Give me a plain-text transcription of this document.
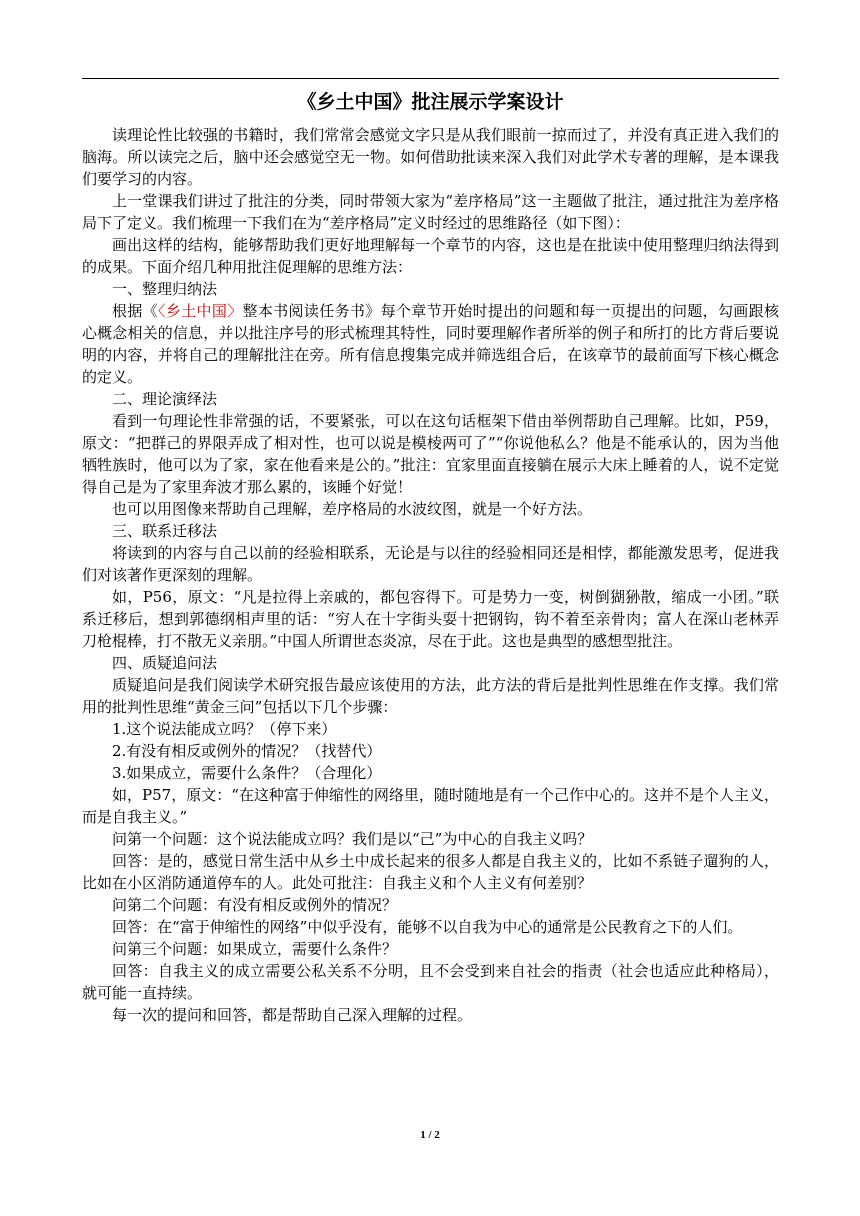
《乡土中国》批注展示学案设计

读理论性比较强的书籍时，我们常常会感觉文字只是从我们眼前一掠而过了，并没有真正进入我们的脑海。所以读完之后，脑中还会感觉空无一物。如何借助批读来深入我们对此学术专著的理解，是本课我们要学习的内容。

上一堂课我们讲过了批注的分类，同时带领大家为“差序格局”这一主题做了批注，通过批注为差序格局下了定义。我们梳理一下我们在为“差序格局”定义时经过的思维路径（如下图）：

画出这样的结构，能够帮助我们更好地理解每一个章节的内容，这也是在批读中使用整理归纳法得到的成果。下面介绍几种用批注促理解的思维方法：

一、整理归纳法

根据《〈乡土中国〉整本书阅读任务书》每个章节开始时提出的问题和每一页提出的问题，勾画跟核心概念相关的信息，并以批注序号的形式梳理其特性，同时要理解作者所举的例子和所打的比方背后要说明的内容，并将自己的理解批注在旁。所有信息搜集完成并筛选组合后，在该章节的最前面写下核心概念的定义。

二、理论演绎法

看到一句理论性非常强的话，不要紧张，可以在这句话框架下借由举例帮助自己理解。比如，P59，原文：“把群己的界限弄成了相对性，也可以说是模棱两可了”“你说他私么？他是不能承认的，因为当他牺牲族时，他可以为了家，家在他看来是公的。”批注：宜家里面直接躺在展示大床上睡着的人，说不定觉得自己是为了家里奔波才那么累的，该睡个好觉！

也可以用图像来帮助自己理解，差序格局的水波纹图，就是一个好方法。

三、联系迁移法

将读到的内容与自己以前的经验相联系，无论是与以往的经验相同还是相悖，都能激发思考，促进我们对该著作更深刻的理解。

如，P56，原文：“凡是拉得上亲戚的，都包容得下。可是势力一变，树倒猢狲散，缩成一小团。”联系迁移后，想到郭德纲相声里的话：“穷人在十字街头耍十把钢钩，钩不着至亲骨肉；富人在深山老林弄刀枪棍棒，打不散无义亲朋。”中国人所谓世态炎凉，尽在于此。这也是典型的感想型批注。

四、质疑追问法

质疑追问是我们阅读学术研究报告最应该使用的方法，此方法的背后是批判性思维在作支撑。我们常用的批判性思维“黄金三问”包括以下几个步骤：

1.这个说法能成立吗？（停下来）

2.有没有相反或例外的情况？（找替代）

3.如果成立，需要什么条件？（合理化）

如，P57，原文：“在这种富于伸缩性的网络里，随时随地是有一个己作中心的。这并不是个人主义，而是自我主义。”

问第一个问题：这个说法能成立吗？我们是以“己”为中心的自我主义吗？

回答：是的，感觉日常生活中从乡土中成长起来的很多人都是自我主义的，比如不系链子遛狗的人，比如在小区消防通道停车的人。此处可批注：自我主义和个人主义有何差别？

问第二个问题：有没有相反或例外的情况？

回答：在“富于伸缩性的网络”中似乎没有，能够不以自我为中心的通常是公民教育之下的人们。

问第三个问题：如果成立，需要什么条件？

回答：自我主义的成立需要公私关系不分明，且不会受到来自社会的指责（社会也适应此种格局），就可能一直持续。

每一次的提问和回答，都是帮助自己深入理解的过程。

1 / 2
